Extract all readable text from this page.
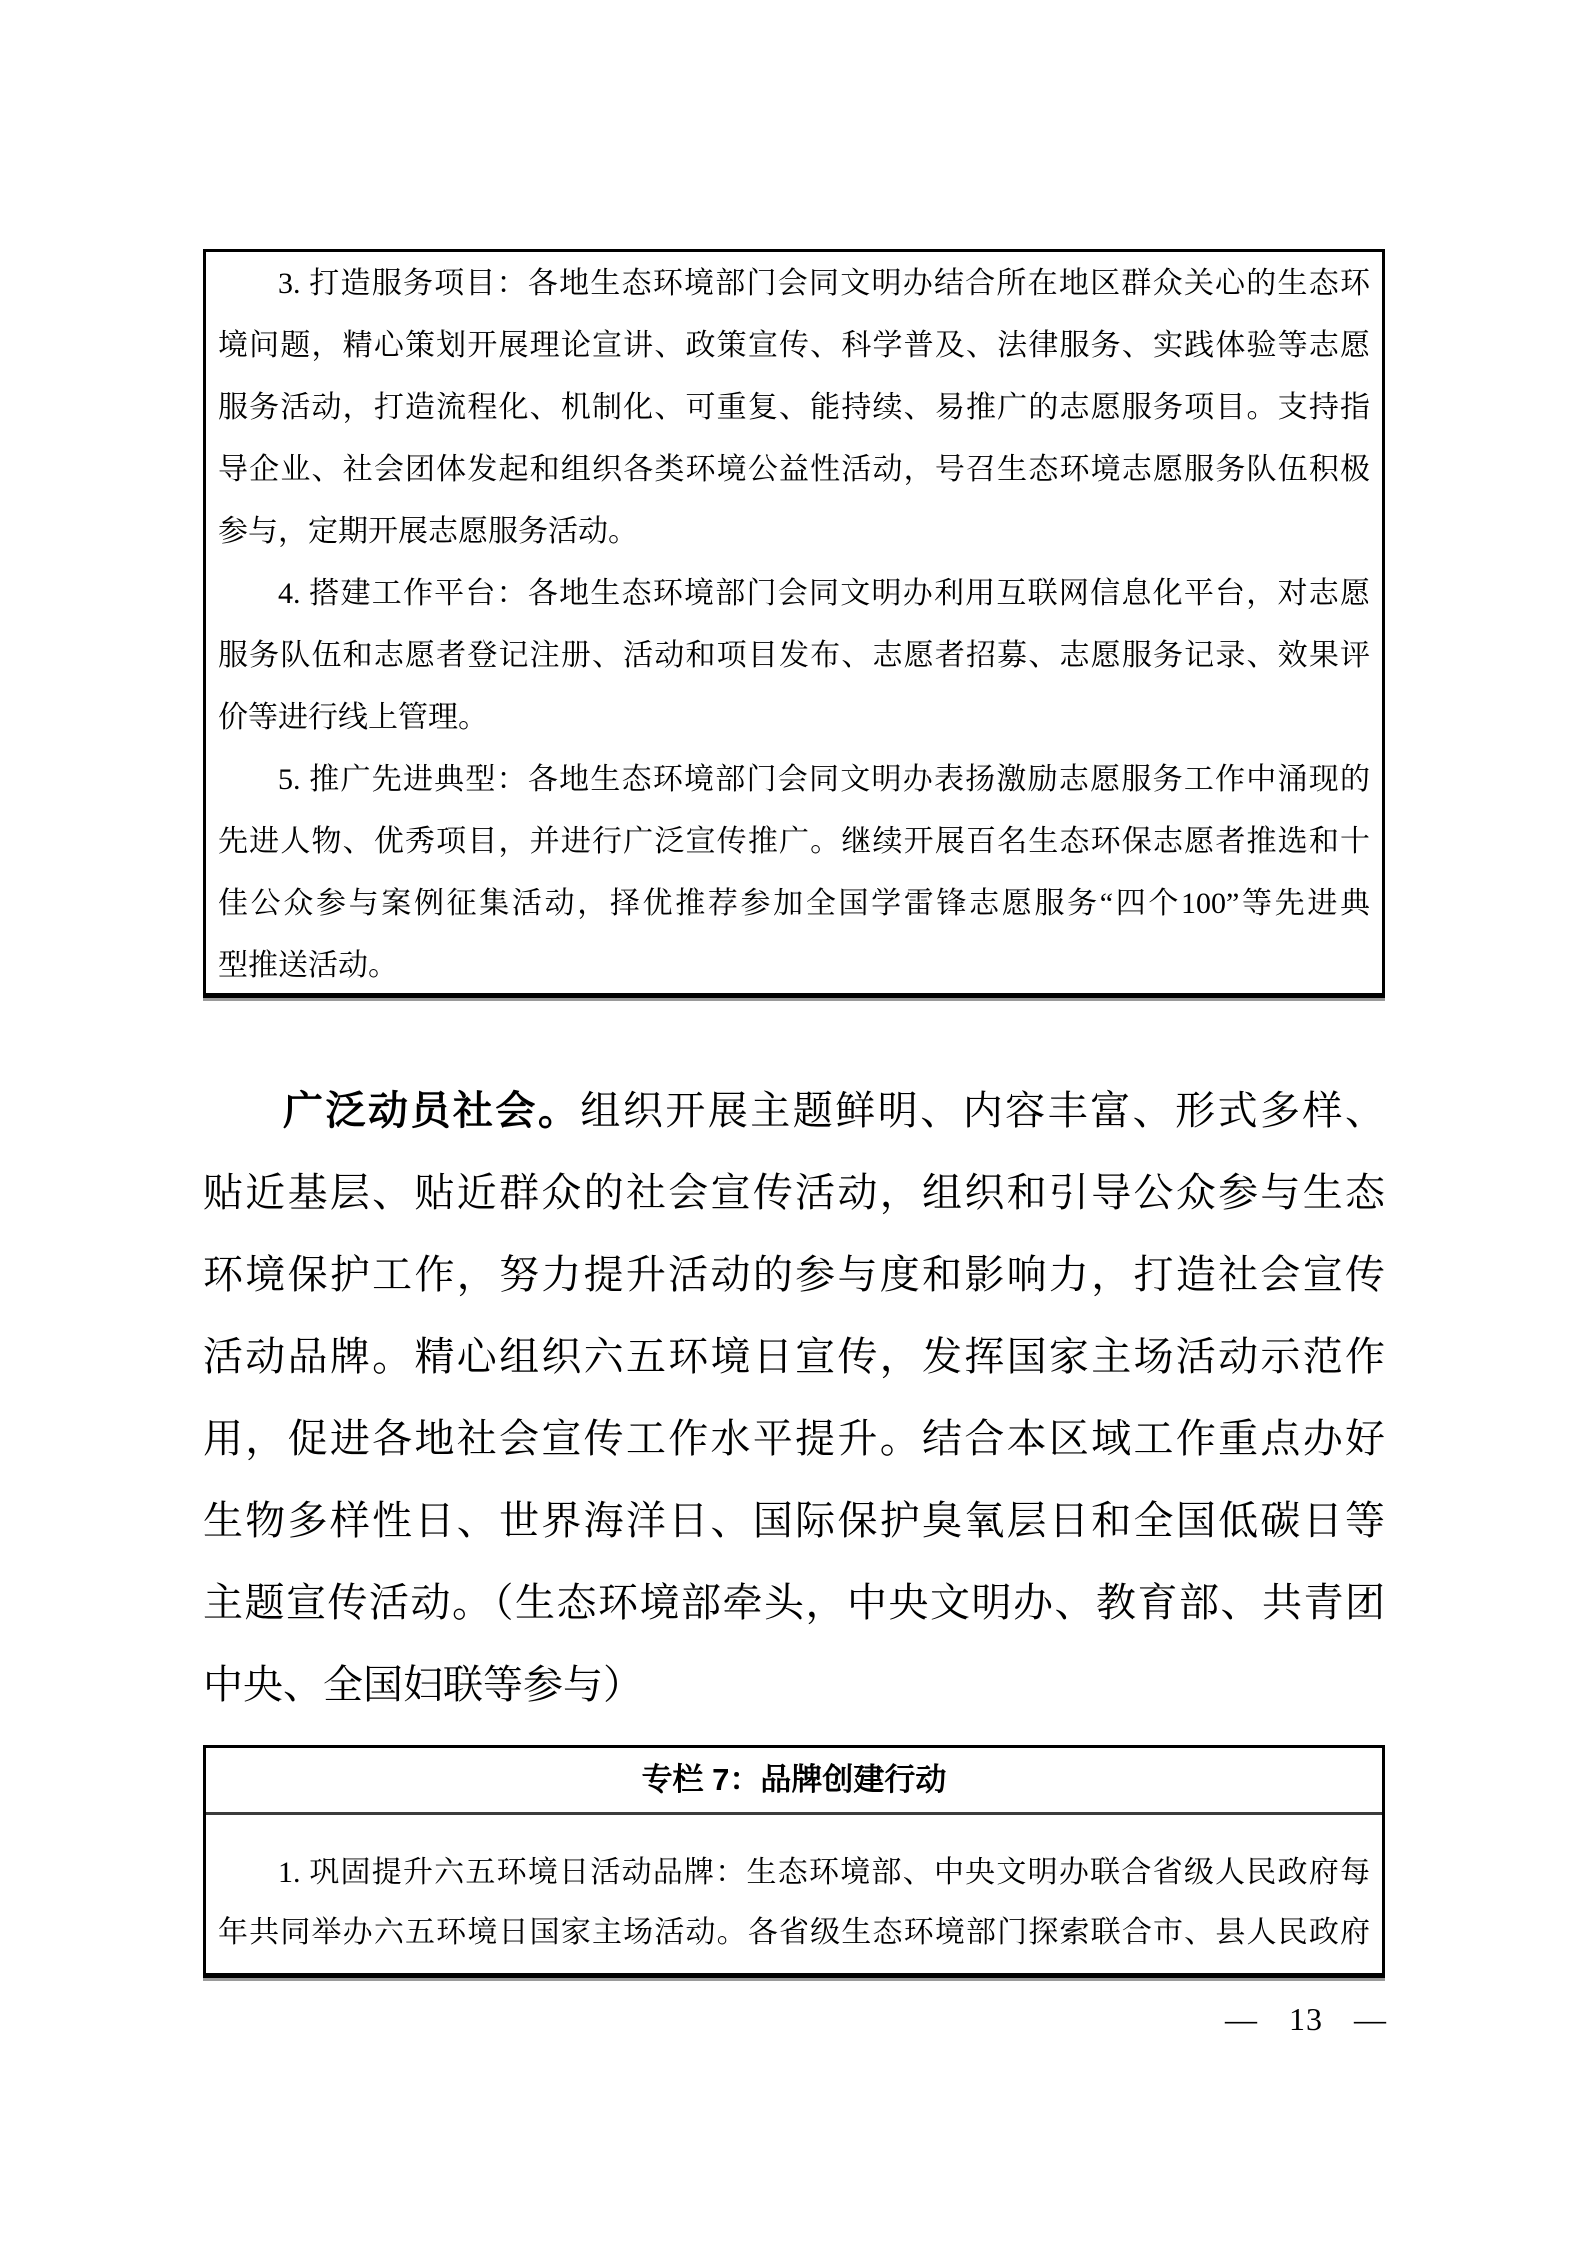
3. 打造服务项目：各地生态环境部门会同文明办结合所在地区群众关心的生态环
境问题，精心策划开展理论宣讲、政策宣传、科学普及、法律服务、实践体验等志愿
服务活动，打造流程化、机制化、可重复、能持续、易推广的志愿服务项目。支持指
导企业、社会团体发起和组织各类环境公益性活动，号召生态环境志愿服务队伍积极
参与，定期开展志愿服务活动。
4. 搭建工作平台：各地生态环境部门会同文明办利用互联网信息化平台，对志愿
服务队伍和志愿者登记注册、活动和项目发布、志愿者招募、志愿服务记录、效果评
价等进行线上管理。
5. 推广先进典型：各地生态环境部门会同文明办表扬激励志愿服务工作中涌现的
先进人物、优秀项目，并进行广泛宣传推广。继续开展百名生态环保志愿者推选和十
佳公众参与案例征集活动，择优推荐参加全国学雷锋志愿服务“四个100”等先进典
型推送活动。
广泛动员社会。组织开展主题鲜明、内容丰富、形式多样、
贴近基层、贴近群众的社会宣传活动，组织和引导公众参与生态
环境保护工作，努力提升活动的参与度和影响力，打造社会宣传
活动品牌。精心组织六五环境日宣传，发挥国家主场活动示范作
用，促进各地社会宣传工作水平提升。结合本区域工作重点办好
生物多样性日、世界海洋日、国际保护臭氧层日和全国低碳日等
主题宣传活动。（生态环境部牵头，中央文明办、教育部、共青团
中央、全国妇联等参与）
专栏 7：品牌创建行动
1. 巩固提升六五环境日活动品牌：生态环境部、中央文明办联合省级人民政府每
年共同举办六五环境日国家主场活动。各省级生态环境部门探索联合市、县人民政府
— 13 —
